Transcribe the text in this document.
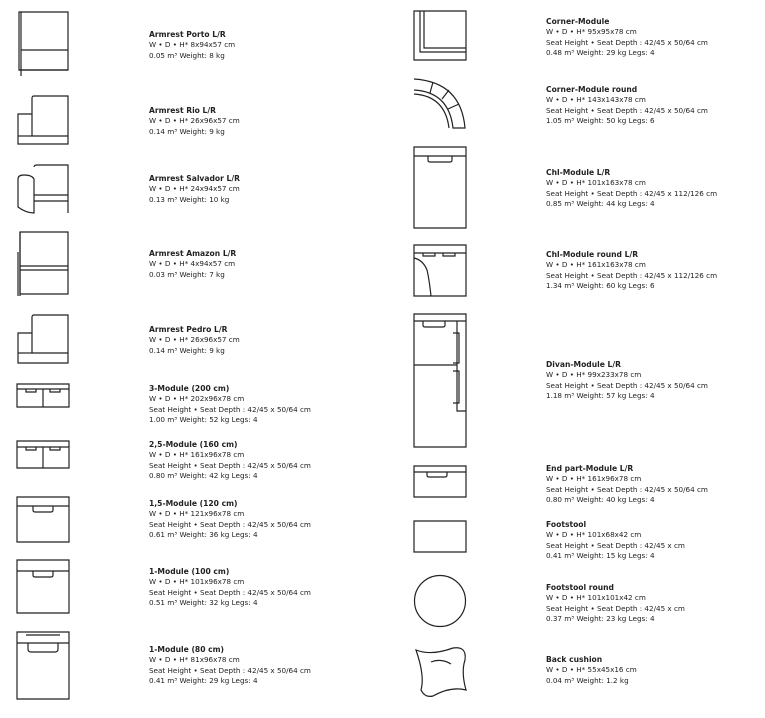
Armrest Porto L/R
W • D • H* 8x94x57 cm
0.05 m³ Weight: 8 kg
Armrest Rio L/R
W • D • H* 26x96x57 cm
0.14 m³ Weight: 9 kg
Armrest Salvador L/R
W • D • H* 24x94x57 cm
0.13 m³ Weight: 10 kg
Armrest Amazon L/R
W • D • H* 4x94x57 cm
0.03 m³ Weight: 7 kg
Armrest Pedro L/R
W • D • H* 26x96x57 cm
0.14 m³ Weight: 9 kg
3-Module (200 cm)
W • D • H* 202x96x78 cm
Seat Height • Seat Depth : 42/45 x 50/64 cm
1.00 m³ Weight: 52 kg Legs: 4
2,5-Module (160 cm)
W • D • H* 161x96x78 cm
Seat Height • Seat Depth : 42/45 x 50/64 cm
0.80 m³ Weight: 42 kg Legs: 4
1,5-Module (120 cm)
W • D • H* 121x96x78 cm
Seat Height • Seat Depth : 42/45 x 50/64 cm
0.61 m³ Weight: 36 kg Legs: 4
1-Module (100 cm)
W • D • H* 101x96x78 cm
Seat Height • Seat Depth : 42/45 x 50/64 cm
0.51 m³ Weight: 32 kg Legs: 4
1-Module (80 cm)
W • D • H* 81x96x78 cm
Seat Height • Seat Depth : 42/45 x 50/64 cm
0.41 m³ Weight: 29 kg Legs: 4
Corner-Module
W • D • H* 95x95x78 cm
Seat Height • Seat Depth : 42/45 x 50/64 cm
0.48 m³ Weight: 29 kg Legs: 4
Corner-Module round
W • D • H* 143x143x78 cm
Seat Height • Seat Depth : 42/45 x 50/64 cm
1.05 m³ Weight: 50 kg Legs: 6
Chl-Module L/R
W • D • H* 101x163x78 cm
Seat Height • Seat Depth : 42/45 x 112/126 cm
0.85 m³ Weight: 44 kg Legs: 4
Chl-Module round L/R
W • D • H* 161x163x78 cm
Seat Height • Seat Depth : 42/45 x 112/126 cm
1.34 m³ Weight: 60 kg Legs: 6
Divan-Module L/R
W • D • H* 99x233x78 cm
Seat Height • Seat Depth : 42/45 x 50/64 cm
1.18 m³ Weight: 57 kg Legs: 4
End part-Module L/R
W • D • H* 161x96x78 cm
Seat Height • Seat Depth : 42/45 x 50/64 cm
0.80 m³ Weight: 40 kg Legs: 4
Footstool
W • D • H* 101x68x42 cm
Seat Height • Seat Depth : 42/45 x cm
0.41 m³ Weight: 15 kg Legs: 4
Footstool round
W • D • H* 101x101x42 cm
Seat Height • Seat Depth : 42/45 x cm
0.37 m³ Weight: 23 kg Legs: 4
Back cushion
W • D • H* 55x45x16 cm
0.04 m³ Weight: 1.2 kg
